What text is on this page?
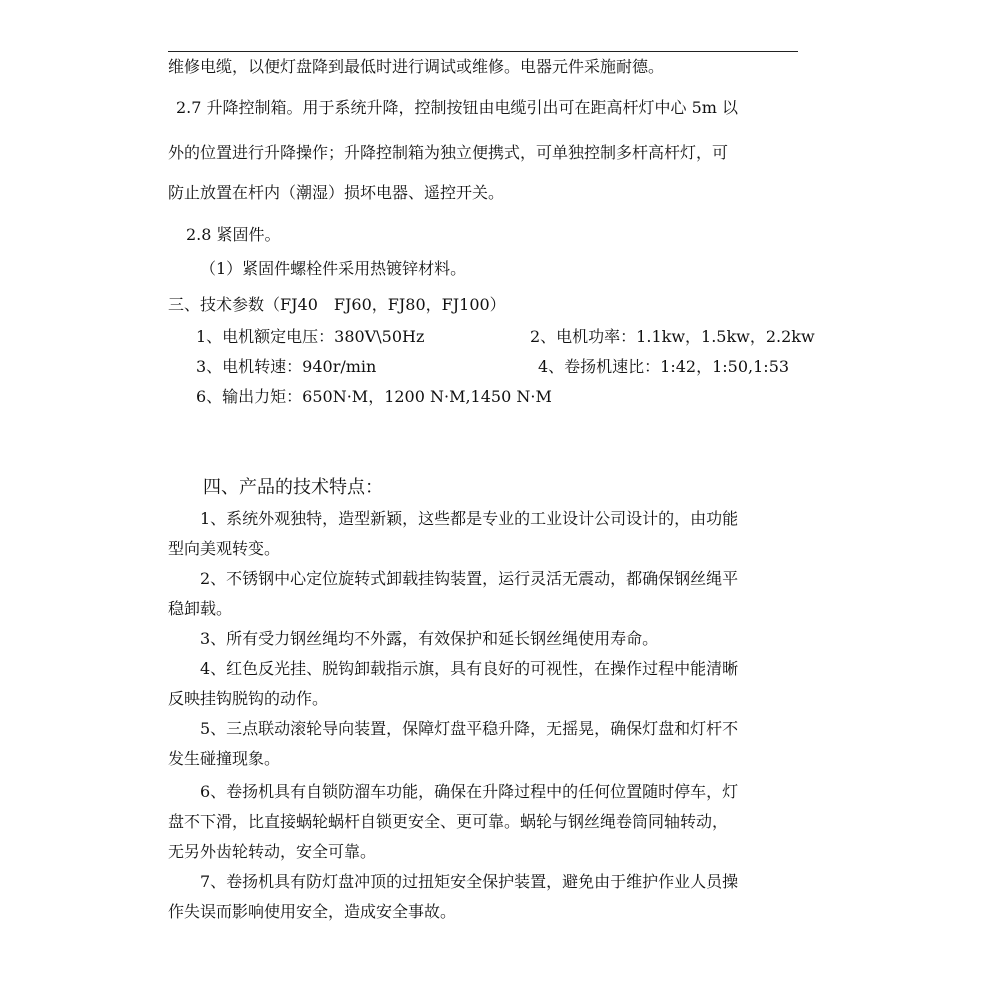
维修电缆，以便灯盘降到最低时进行调试或维修。电器元件采施耐德。
2.7 升降控制箱。用于系统升降，控制按钮由电缆引出可在距高杆灯中心 5m 以
外的位置进行升降操作；升降控制箱为独立便携式，可单独控制多杆高杆灯，可
防止放置在杆内（潮湿）损坏电器、遥控开关。
2.8 紧固件。
（1）紧固件螺栓件采用热镀锌材料。
三、技术参数（FJ40　FJ60，FJ80，FJ100）
1、电机额定电压：380V\50Hz	2、电机功率：1.1kw，1.5kw，2.2kw
3、电机转速：940r/min	4、卷扬机速比：1:42，1:50,1:53
6、输出力矩：650N·M，1200 N·M,1450 N·M
四、产品的技术特点：
1、系统外观独特，造型新颖，这些都是专业的工业设计公司设计的，由功能
型向美观转变。
2、不锈钢中心定位旋转式卸载挂钩装置，运行灵活无震动，都确保钢丝绳平
稳卸载。
3、所有受力钢丝绳均不外露，有效保护和延长钢丝绳使用寿命。
4、红色反光挂、脱钩卸载指示旗，具有良好的可视性，在操作过程中能清晰
反映挂钩脱钩的动作。
5、三点联动滚轮导向装置，保障灯盘平稳升降，无摇晃，确保灯盘和灯杆不
发生碰撞现象。
6、卷扬机具有自锁防溜车功能，确保在升降过程中的任何位置随时停车，灯
盘不下滑，比直接蜗轮蜗杆自锁更安全、更可靠。蜗轮与钢丝绳卷筒同轴转动，
无另外齿轮转动，安全可靠。
7、卷扬机具有防灯盘冲顶的过扭矩安全保护装置，避免由于维护作业人员操
作失误而影响使用安全，造成安全事故。
